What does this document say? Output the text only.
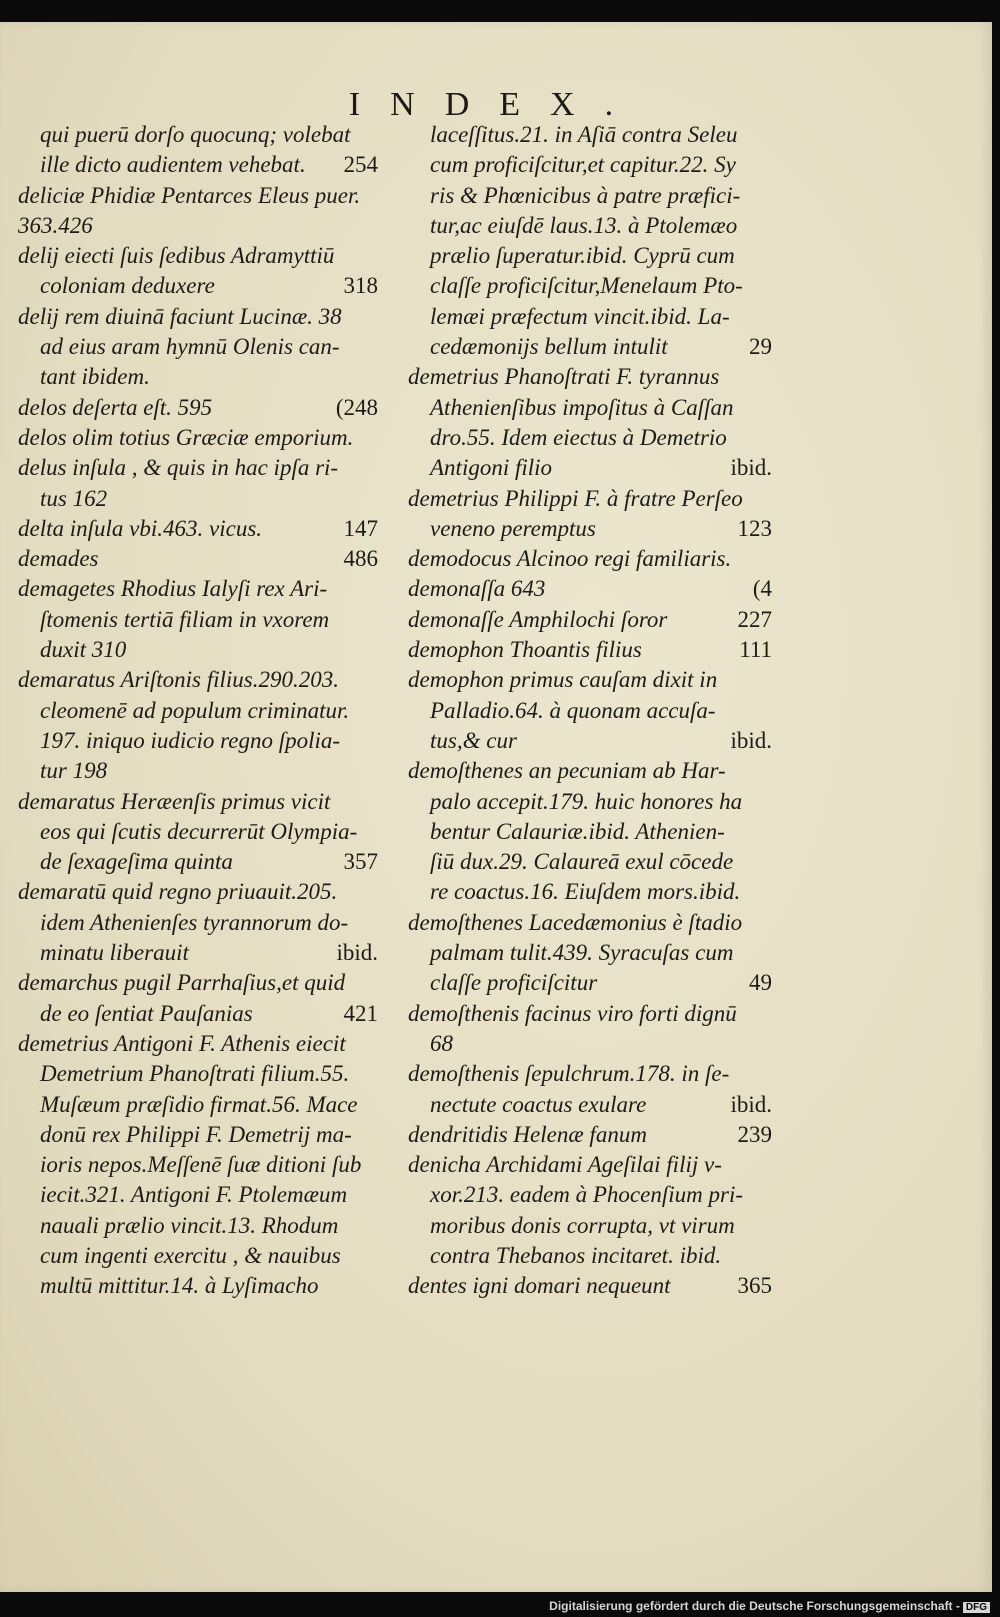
INDEX.
qui puerū dorſo quocunq; volebat
ille dicto audientem vehebat. 254
deliciæ Phidiæ Pentarces Eleus puer.
363.426
delij eiecti ſuis ſedibus Adramyttiū
coloniam deduxere	318
delij rem diuinā faciunt Lucinæ. 38
ad eius aram hymnū Olenis can-
tant ibidem.
delos deſerta eſt. 595	(248
delos olim totius Græciæ emporium.
delus inſula , & quis in hac ipſa ri-
tus 162
delta inſula vbi.463. vicus.	147
demades	486
demagetes Rhodius Ialyſi rex Ari-
ſtomenis tertiā filiam in vxorem
duxit 310
demaratus Ariſtonis filius.290.203.
cleomenē ad populum criminatur.
197. iniquo iudicio regno ſpolia-
tur 198
demaratus Heræenſis primus vicit
eos qui ſcutis decurrerūt Olympia-
de ſexageſima quinta	357
demaratū quid regno priuauit.205.
idem Athenienſes tyrannorum do-
minatu liberauit	ibid.
demarchus pugil Parrhaſius,et quid
de eo ſentiat Pauſanias	421
demetrius Antigoni F. Athenis eiecit
Demetrium Phanoſtrati filium.55.
Muſæum præſidio firmat.56. Mace
donū rex Philippi F. Demetrij ma-
ioris nepos.Meſſenē ſuæ ditioni ſub
iecit.321. Antigoni F. Ptolemæum
nauali prælio vincit.13. Rhodum
cum ingenti exercitu , & nauibus
multū mittitur.14. à Lyſimacho
laceſſitus.21. in Aſiā contra Seleu
cum proficiſcitur,et capitur.22. Sy
ris & Phœnicibus à patre præfici-
tur,ac eiuſdē laus.13. à Ptolemæo
prælio ſuperatur.ibid. Cyprū cum
claſſe proficiſcitur,Menelaum Pto-
lemæi præfectum vincit.ibid. La-
cedæmonijs bellum intulit	29
demetrius Phanoſtrati F. tyrannus
Athenienſibus impoſitus à Caſſan
dro.55. Idem eiectus à Demetrio
Antigoni filio	ibid.
demetrius Philippi F. à fratre Perſeo
veneno peremptus	123
demodocus Alcinoo regi familiaris.
demonaſſa 643	(4
demonaſſe Amphilochi ſoror	227
demophon Thoantis filius	111
demophon primus cauſam dixit in
Palladio.64. à quonam accuſa-
tus,& cur	ibid.
demoſthenes an pecuniam ab Har-
palo accepit.179. huic honores ha
bentur Calauriæ.ibid. Athenien-
ſiū dux.29. Calaureā exul cōcede
re coactus.16. Eiuſdem mors.ibid.
demoſthenes Lacedæmonius è ſtadio
palmam tulit.439. Syracuſas cum
claſſe proficiſcitur	49
demoſthenis facinus viro forti dignū
68
demoſthenis ſepulchrum.178. in ſe-
nectute coactus exulare	ibid.
dendritidis Helenæ fanum	239
denicha Archidami Ageſilai filij v-
xor.213. eadem à Phocenſium pri-
moribus donis corrupta, vt virum
contra Thebanos incitaret. ibid.
dentes igni domari nequeunt	365
Digitalisierung gefördert durch die Deutsche Forschungsgemeinschaft - DFG
